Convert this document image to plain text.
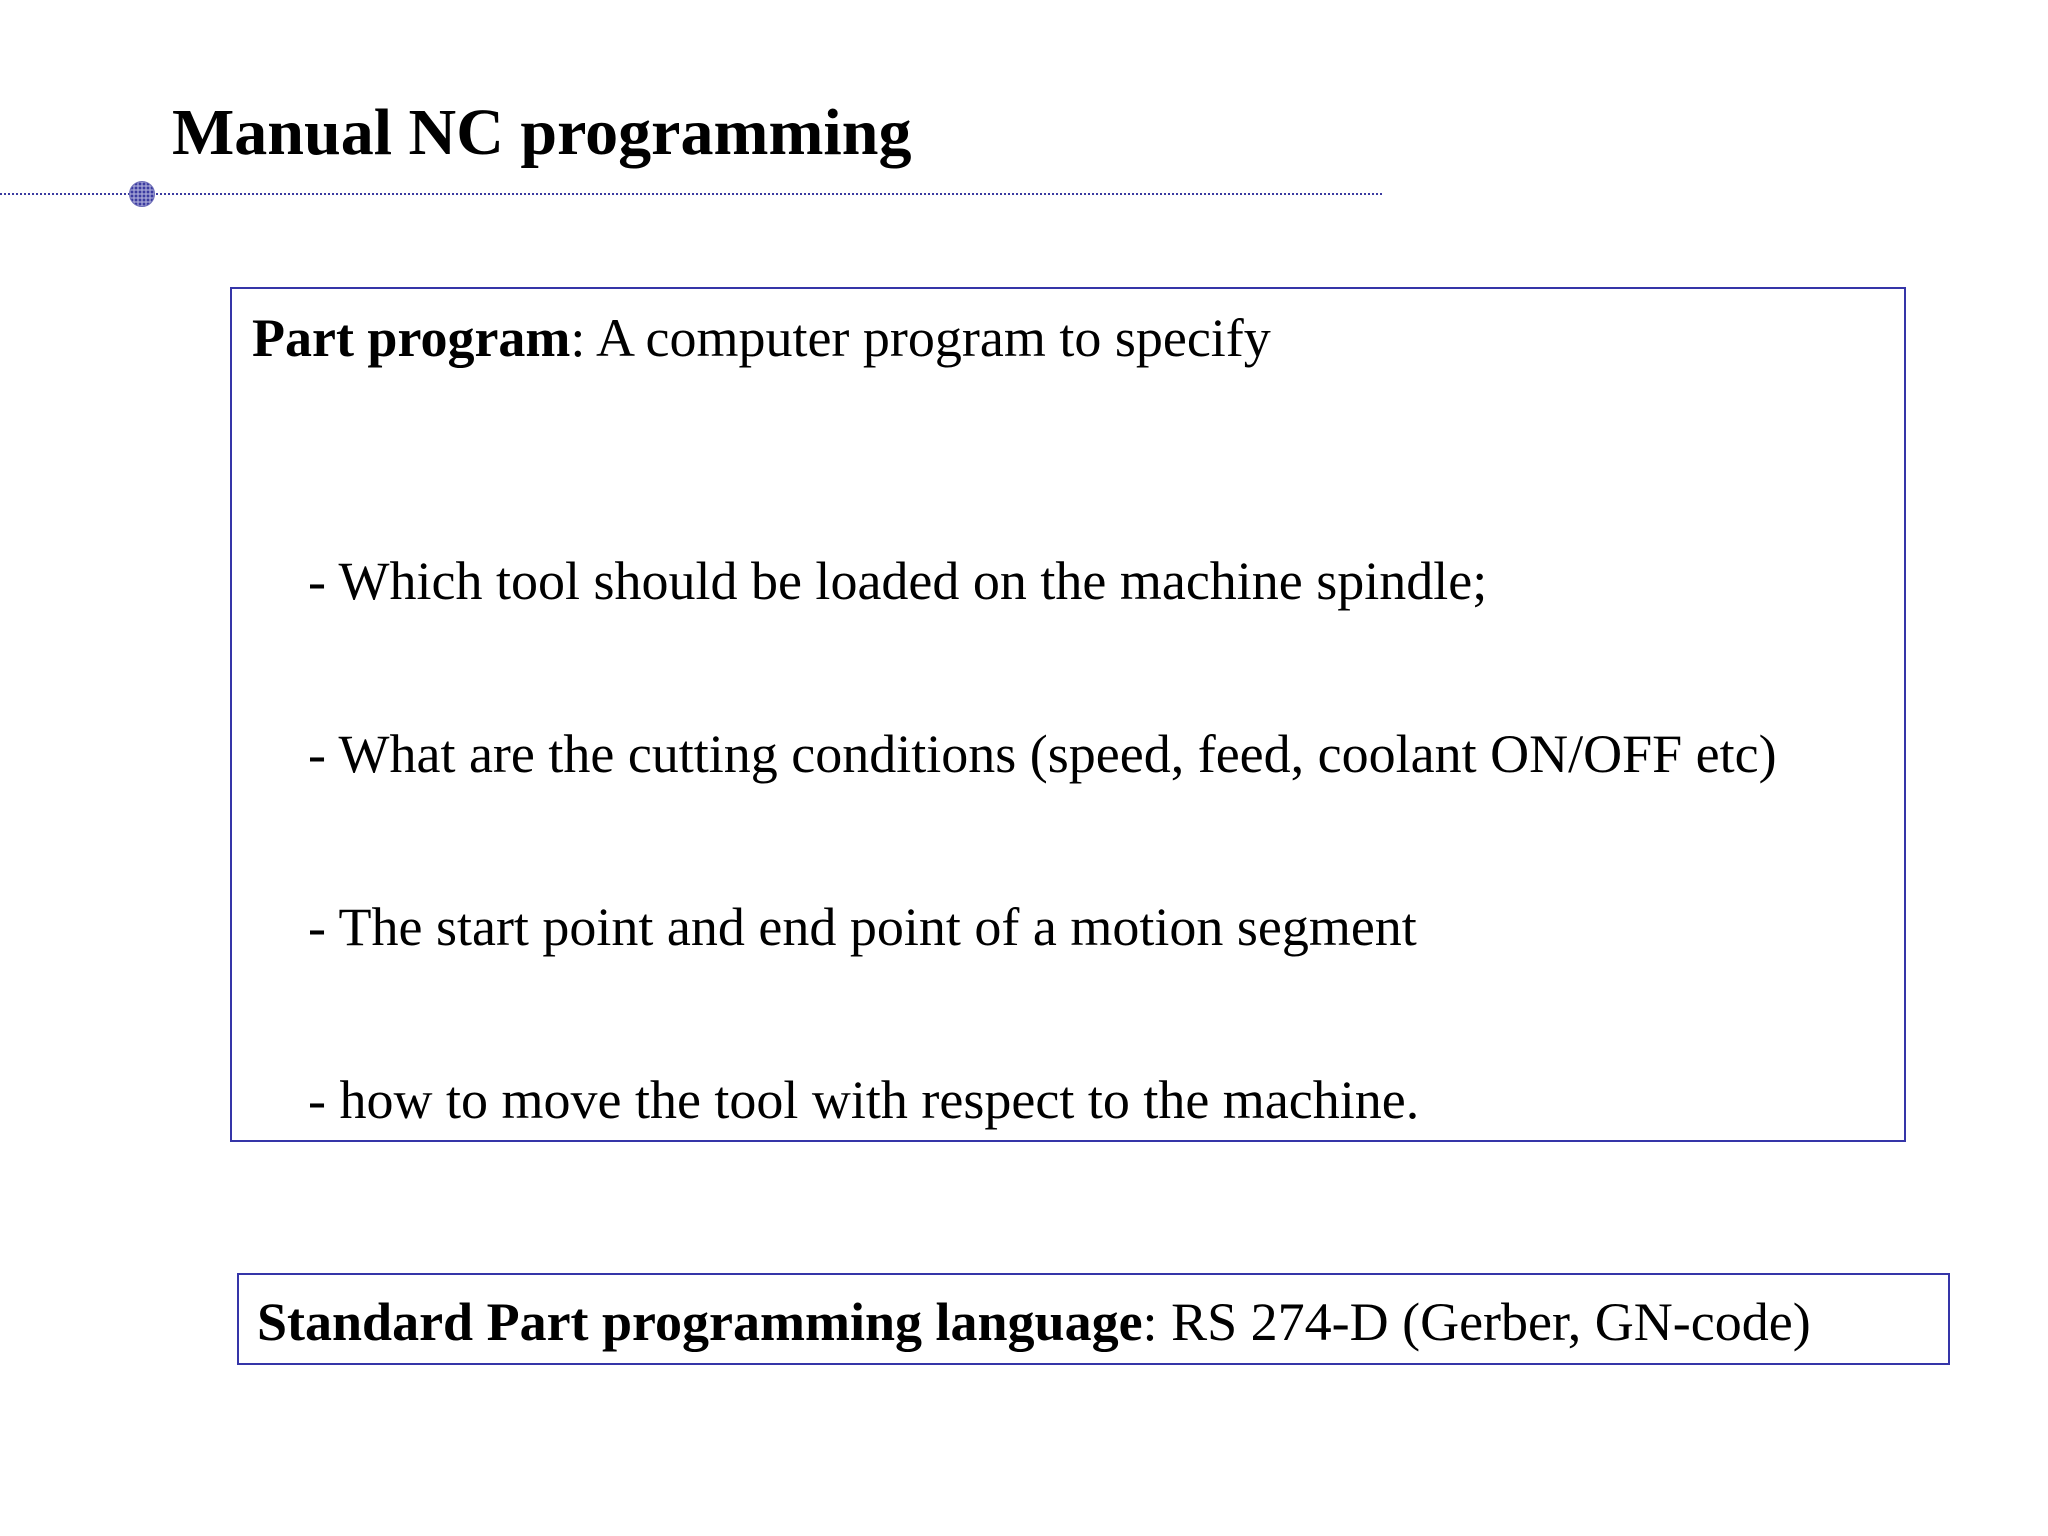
Manual NC programming
Part program: A computer program to specify
- Which tool should be loaded on the machine spindle;
- What are the cutting conditions (speed, feed, coolant ON/OFF etc)
- The start point and end point of a motion segment
- how to move the tool with respect to the machine.
Standard Part programming language: RS 274-D (Gerber, GN-code)
